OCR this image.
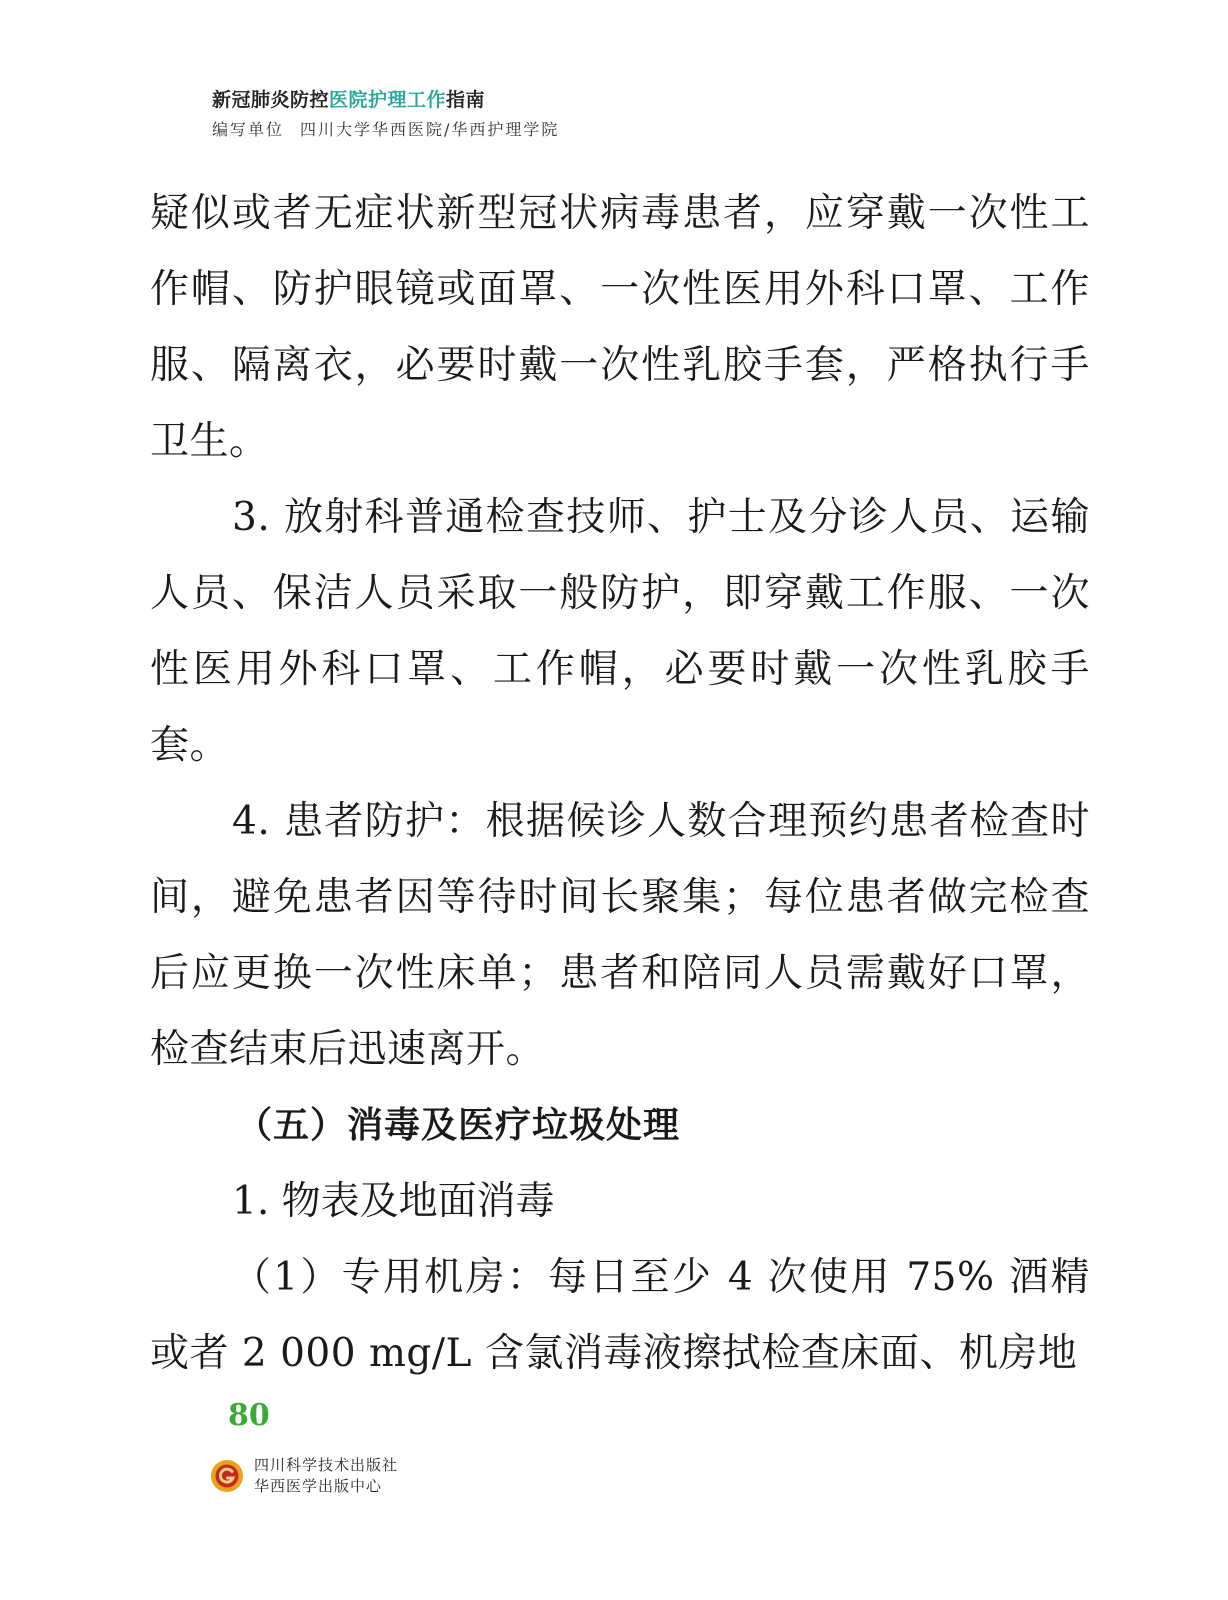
新冠肺炎防控医院护理工作指南
编写单位 四川大学华西医院/华西护理学院

疑似或者无症状新型冠状病毒患者，应穿戴一次性工作帽、防护眼镜或面罩、一次性医用外科口罩、工作服、隔离衣，必要时戴一次性乳胶手套，严格执行手卫生。

3. 放射科普通检查技师、护士及分诊人员、运输人员、保洁人员采取一般防护，即穿戴工作服、一次性医用外科口罩、工作帽，必要时戴一次性乳胶手套。

4. 患者防护：根据候诊人数合理预约患者检查时间，避免患者因等待时间长聚集；每位患者做完检查后应更换一次性床单；患者和陪同人员需戴好口罩，检查结束后迅速离开。

（五）消毒及医疗垃圾处理

1. 物表及地面消毒

（1）专用机房：每日至少 4 次使用 75% 酒精或者 2 000 mg/L 含氯消毒液擦拭检查床面、机房地

80
四川科学技术出版社
华西医学出版中心
